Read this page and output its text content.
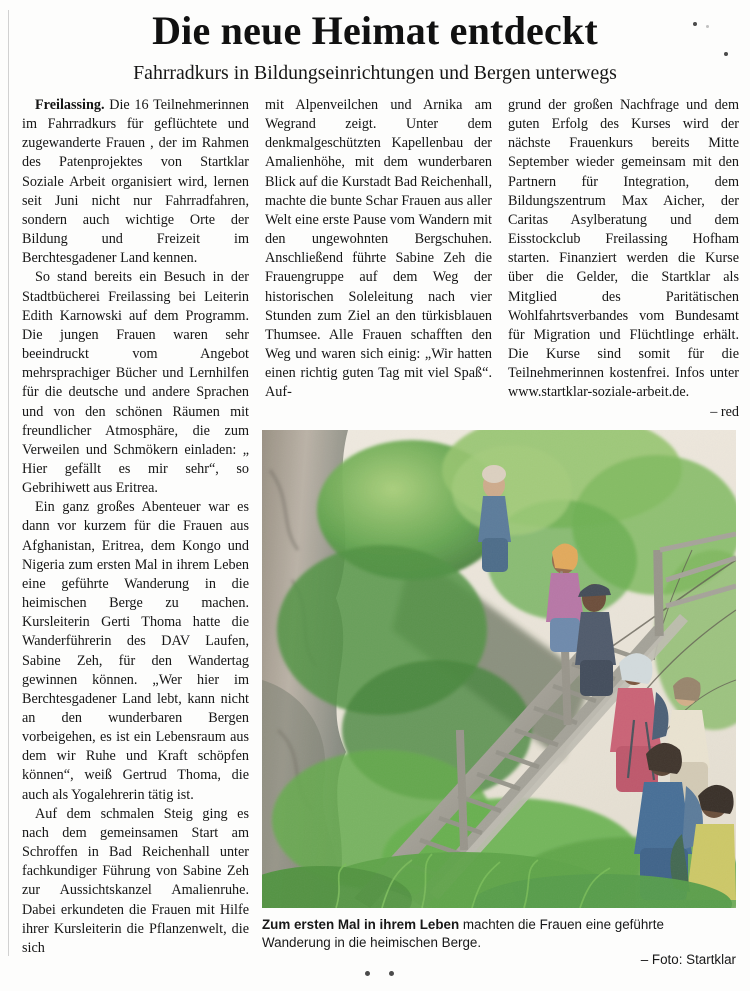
Die neue Heimat entdeckt
Fahrradkurs in Bildungseinrichtungen und Bergen unterwegs

Freilassing. Die 16 Teilnehmerinnen im Fahrradkurs für geflüchtete und zugewanderte Frauen , der im Rahmen des Patenprojektes von Startklar Soziale Arbeit organisiert wird, lernen seit Juni nicht nur Fahrradfahren, sondern auch wichtige Orte der Bildung und Freizeit im Berchtesgadener Land kennen.

So stand bereits ein Besuch in der Stadtbücherei Freilassing bei Leiterin Edith Karnowski auf dem Programm. Die jungen Frauen waren sehr beeindruckt vom Angebot mehrsprachiger Bücher und Lernhilfen für die deutsche und andere Sprachen und von den schönen Räumen mit freundlicher Atmosphäre, die zum Verweilen und Schmökern einladen: „ Hier gefällt es mir sehr“, so Gebrihiwett aus Eritrea.

Ein ganz großes Abenteuer war es dann vor kurzem für die Frauen aus Afghanistan, Eritrea, dem Kongo und Nigeria zum ersten Mal in ihrem Leben eine geführte Wanderung in die heimischen Berge zu machen. Kursleiterin Gerti Thoma hatte die Wanderführerin des DAV Laufen, Sabine Zeh, für den Wandertag gewinnen können. „Wer hier im Berchtesgadener Land lebt, kann nicht an den wunderbaren Bergen vorbeigehen, es ist ein Lebensraum aus dem wir Ruhe und Kraft schöpfen können“, weiß Gertrud Thoma, die auch als Yogalehrerin tätig ist.

Auf dem schmalen Steig ging es nach dem gemeinsamen Start am Schroffen in Bad Reichenhall unter fachkundiger Führung von Sabine Zeh zur Aussichtskanzel Amalienruhe. Dabei erkundeten die Frauen mit Hilfe ihrer Kursleiterin die Pflanzenwelt, die sich

mit Alpenveilchen und Arnika am Wegrand zeigt. Unter dem denkmalgeschützten Kapellenbau der Amalienhöhe, mit dem wunderbaren Blick auf die Kurstadt Bad Reichenhall, machte die bunte Schar Frauen aus aller Welt eine erste Pause vom Wandern mit den ungewohnten Bergschuhen. Anschließend führte Sabine Zeh die Frauengruppe auf dem Weg der historischen Soleleitung nach vier Stunden zum Ziel an den türkisblauen Thumsee. Alle Frauen schafften den Weg und waren sich einig: „Wir hatten einen richtig guten Tag mit viel Spaß“. Auf-

grund der großen Nachfrage und dem guten Erfolg des Kurses wird der nächste Frauenkurs bereits Mitte September wieder gemeinsam mit den Partnern für Integration, dem Bildungszentrum Max Aicher, der Caritas Asylberatung und dem Eisstockclub Freilassing Hofham starten. Finanziert werden die Kurse über die Gelder, die Startklar als Mitglied des Paritätischen Wohlfahrtsverbandes vom Bundesamt für Migration und Flüchtlinge erhält. Die Kurse sind somit für die Teilnehmerinnen kostenfrei. Infos unter www.startklar-soziale-arbeit.de.

– red

Zum ersten Mal in ihrem Leben machten die Frauen eine geführte Wanderung in die heimischen Berge.
– Foto: Startklar
